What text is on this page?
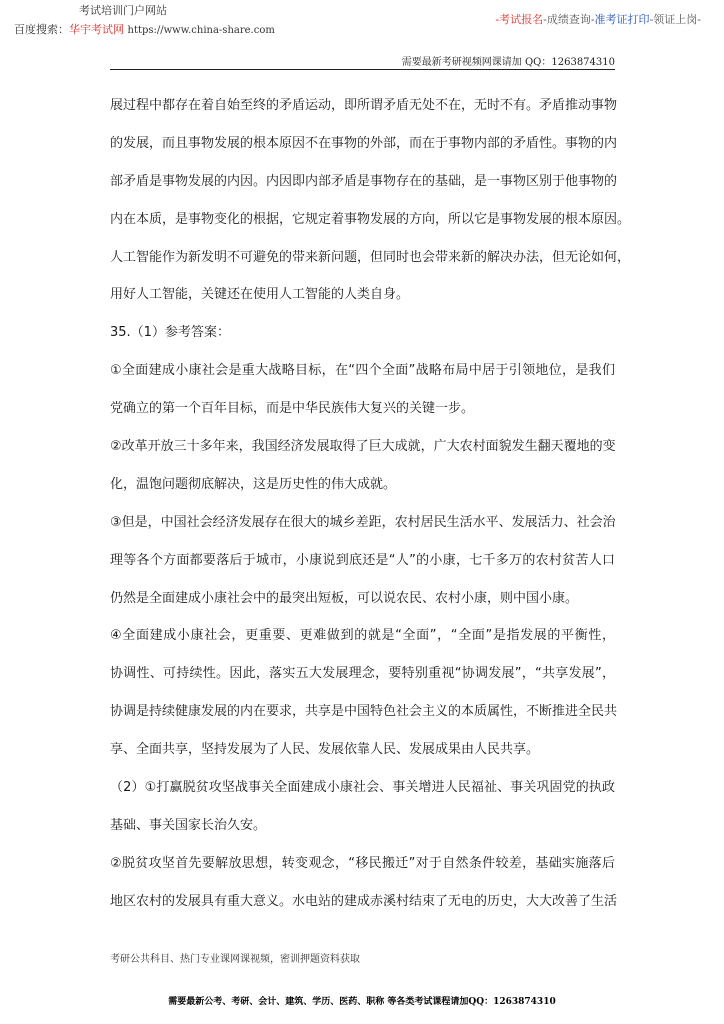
考试培训门户网站
百度搜索：华宇考试网 https://www.china-share.com
-考试报名-成绩查询-准考证打印-领证上岗-
需要最新考研视频网课请加 QQ：1263874310
展过程中都存在着自始至终的矛盾运动，即所谓矛盾无处不在，无时不有。矛盾推动事物
的发展，而且事物发展的根本原因不在事物的外部，而在于事物内部的矛盾性。事物的内
部矛盾是事物发展的内因。内因即内部矛盾是事物存在的基础，是一事物区别于他事物的
内在本质，是事物变化的根据，它规定着事物发展的方向，所以它是事物发展的根本原因。
人工智能作为新发明不可避免的带来新问题，但同时也会带来新的解决办法，但无论如何，
用好人工智能，关键还在使用人工智能的人类自身。
35.（1）参考答案：
①全面建成小康社会是重大战略目标，在“四个全面”战略布局中居于引领地位，是我们
党确立的第一个百年目标，而是中华民族伟大复兴的关键一步。
②改革开放三十多年来，我国经济发展取得了巨大成就，广大农村面貌发生翻天覆地的变
化，温饱问题彻底解决，这是历史性的伟大成就。
③但是，中国社会经济发展存在很大的城乡差距，农村居民生活水平、发展活力、社会治
理等各个方面都要落后于城市，小康说到底还是“人”的小康，七千多万的农村贫苦人口
仍然是全面建成小康社会中的最突出短板，可以说农民、农村小康，则中国小康。
④全面建成小康社会，更重要、更难做到的就是“全面”，“全面”是指发展的平衡性，
协调性、可持续性。因此，落实五大发展理念，要特别重视“协调发展”，“共享发展”，
协调是持续健康发展的内在要求，共享是中国特色社会主义的本质属性，不断推进全民共
享、全面共享，坚持发展为了人民、发展依靠人民、发展成果由人民共享。
（2）①打赢脱贫攻坚战事关全面建成小康社会、事关增进人民福祉、事关巩固党的执政
基础、事关国家长治久安。
②脱贫攻坚首先要解放思想，转变观念，“移民搬迁”对于自然条件较差，基础实施落后
地区农村的发展具有重大意义。水电站的建成赤溪村结束了无电的历史，大大改善了生活
考研公共科目、热门专业课网课视频，密训押题资料获取
需要最新公考、考研、会计、建筑、学历、医药、职称 等各类考试课程请加QQ：1263874310
